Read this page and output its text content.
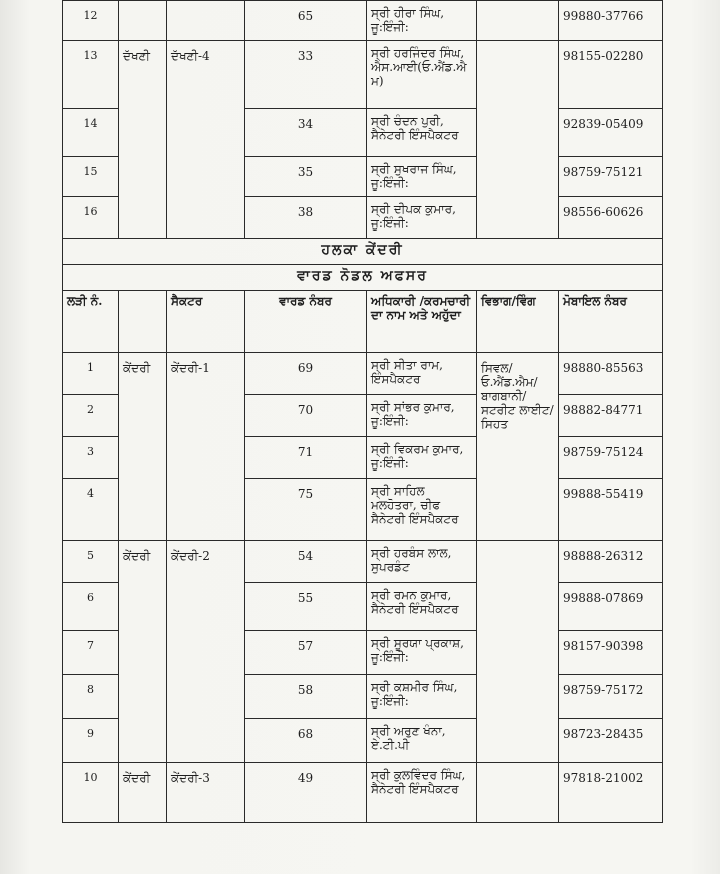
12			65	ਸ੍ਰੀ ਹੀਰਾ ਸਿੰਘ, ਜੂ:ਇੰਜੀ:		99880-37766
13	ਦੱਖਣੀ	ਦੱਖਣੀ-4	33	ਸ੍ਰੀ ਹਰਜਿੰਦਰ ਸਿੰਘ, ਐਸ.ਆਈ(ਓ.ਐਂਡ.ਐਮ)		98155-02280
14			34	ਸ੍ਰੀ ਚੰਦਨ ਪੁਰੀ, ਸੈਨੇਟਰੀ ਇੰਸਪੈਕਟਰ		92839-05409
15			35	ਸ੍ਰੀ ਸੁਖਰਾਜ ਸਿੰਘ, ਜੂ:ਇੰਜੀ:		98759-75121
16			38	ਸ੍ਰੀ ਦੀਪਕ ਕੁਮਾਰ, ਜੂ:ਇੰਜੀ:		98556-60626
ਹਲਕਾ ਕੇਂਦਰੀ						
ਵਾਰਡ ਨੋਡਲ ਅਫਸਰ						
ਲੜੀ ਨੰ.		ਸੈਕਟਰ	ਵਾਰਡ ਨੰਬਰ	ਅਧਿਕਾਰੀ /ਕਰਮਚਾਰੀ ਦਾ ਨਾਮ ਅਤੇ ਅਹੁੱਦਾ	ਵਿਭਾਗ/ਵਿੰਗ	ਮੋਬਾਇਲ ਨੰਬਰ
1	ਕੇਂਦਰੀ	ਕੇਂਦਰੀ-1	69	ਸ੍ਰੀ ਸੀਤਾ ਰਾਮ, ਇੰਸਪੈਕਟਰ	ਸਿਵਲ/ਓ.ਐਂਡ.ਐਮ/ਬਾਗਬਾਨੀ/ਸਟਰੀਟ ਲਾਈਟ/ਸਿਹਤ	98880-85563
2			70	ਸ੍ਰੀ ਸਾਂਭਰ ਕੁਮਾਰ, ਜੂ:ਇੰਜੀ:		98882-84771
3			71	ਸ੍ਰੀ ਵਿਕਰਮ ਕੁਮਾਰ, ਜੂ:ਇੰਜੀ:		98759-75124
4			75	ਸ੍ਰੀ ਸਾਹਿਲ ਮਲਹੋਤਰਾ, ਚੀਫ ਸੈਨੇਟਰੀ ਇੰਸਪੈਕਟਰ		99888-55419
5	ਕੇਂਦਰੀ	ਕੇਂਦਰੀ-2	54	ਸ੍ਰੀ ਹਰਬੰਸ ਲਾਲ, ਸੁਪਰਡੰਟ		98888-26312
6			55	ਸ੍ਰੀ ਰਮਨ ਕੁਮਾਰ, ਸੈਨੇਟਰੀ ਇੰਸਪੈਕਟਰ		99888-07869
7			57	ਸ੍ਰੀ ਸੂਰਯਾ ਪ੍ਰਕਾਸ਼, ਜੂ:ਇੰਜੀ:		98157-90398
8			58	ਸ੍ਰੀ ਕਸ਼ਮੀਰ ਸਿੰਘ, ਜੂ:ਇੰਜੀ:		98759-75172
9			68	ਸ੍ਰੀ ਅਰੁਣ ਖੰਨਾ, ਏ.ਟੀ.ਪੀ		98723-28435
10	ਕੇਂਦਰੀ	ਕੇਂਦਰੀ-3	49	ਸ੍ਰੀ ਕੁਲਵਿੰਦਰ ਸਿੰਘ, ਸੈਨੇਟਰੀ ਇੰਸਪੈਕਟਰ		97818-21002
